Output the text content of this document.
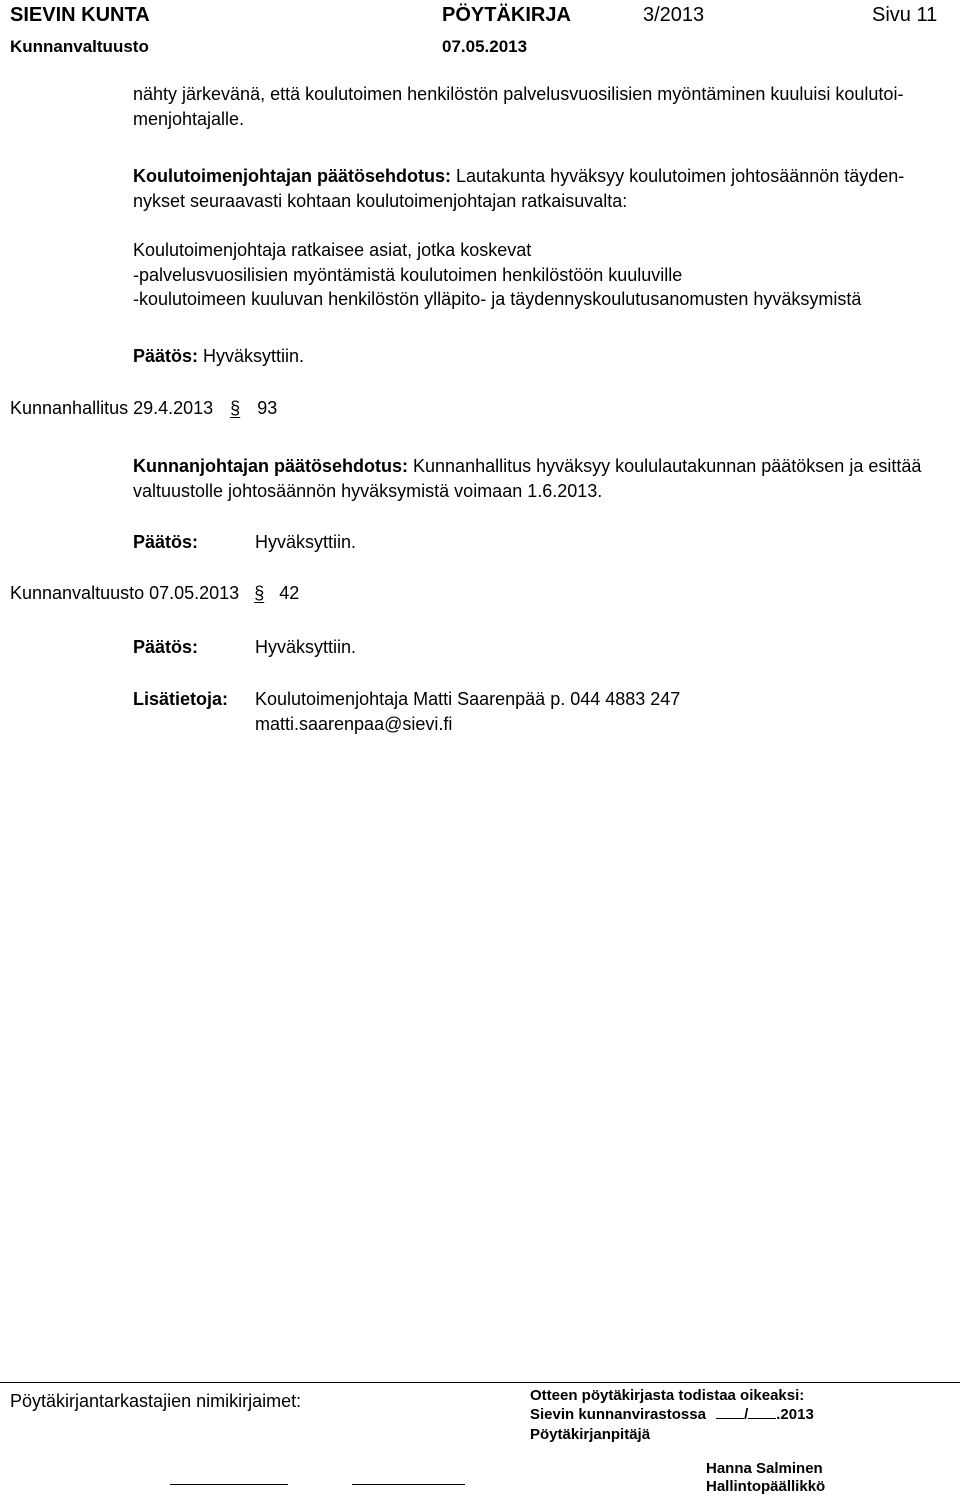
SIEVIN KUNTA	PÖYTÄKIRJA	3/2013	Sivu 11
Kunnanvaltuusto	07.05.2013
nähty järkevänä, että koulutoimen henkilöstön palvelusvuosilisien myöntäminen kuuluisi koulutoi-
menjohtajalle.
Koulutoimenjohtajan päätösehdotus: Lautakunta hyväksyy koulutoimen johtosäännön täyden-
nykset seuraavasti kohtaan koulutoimenjohtajan ratkaisuvalta:
Koulutoimenjohtaja ratkaisee asiat, jotka koskevat
-palvelusvuosilisien myöntämistä koulutoimen henkilöstöön kuuluville
-koulutoimeen kuuluvan henkilöstön ylläpito- ja täydennyskoulutusanomusten hyväksymistä
Päätös: Hyväksyttiin.
Kunnanhallitus 29.4.2013 § 93
Kunnanjohtajan päätösehdotus: Kunnanhallitus hyväksyy koululautakunnan päätöksen ja esittää
valtuustolle johtosäännön hyväksymistä voimaan 1.6.2013.
Päätös:	Hyväksyttiin.
Kunnanvaltuusto 07.05.2013 § 42
Päätös:	Hyväksyttiin.
Lisätietoja: Koulutoimenjohtaja Matti Saarenpää p. 044 4883 247
matti.saarenpaa@sievi.fi
Pöytäkirjantarkastajien nimikirjaimet:	Otteen pöytäkirjasta todistaa oikeaksi:
Sievin kunnanvirastossa	/ .2013
Pöytäkirjanpitäjä
Hanna Salminen
Hallintopäällikkö
